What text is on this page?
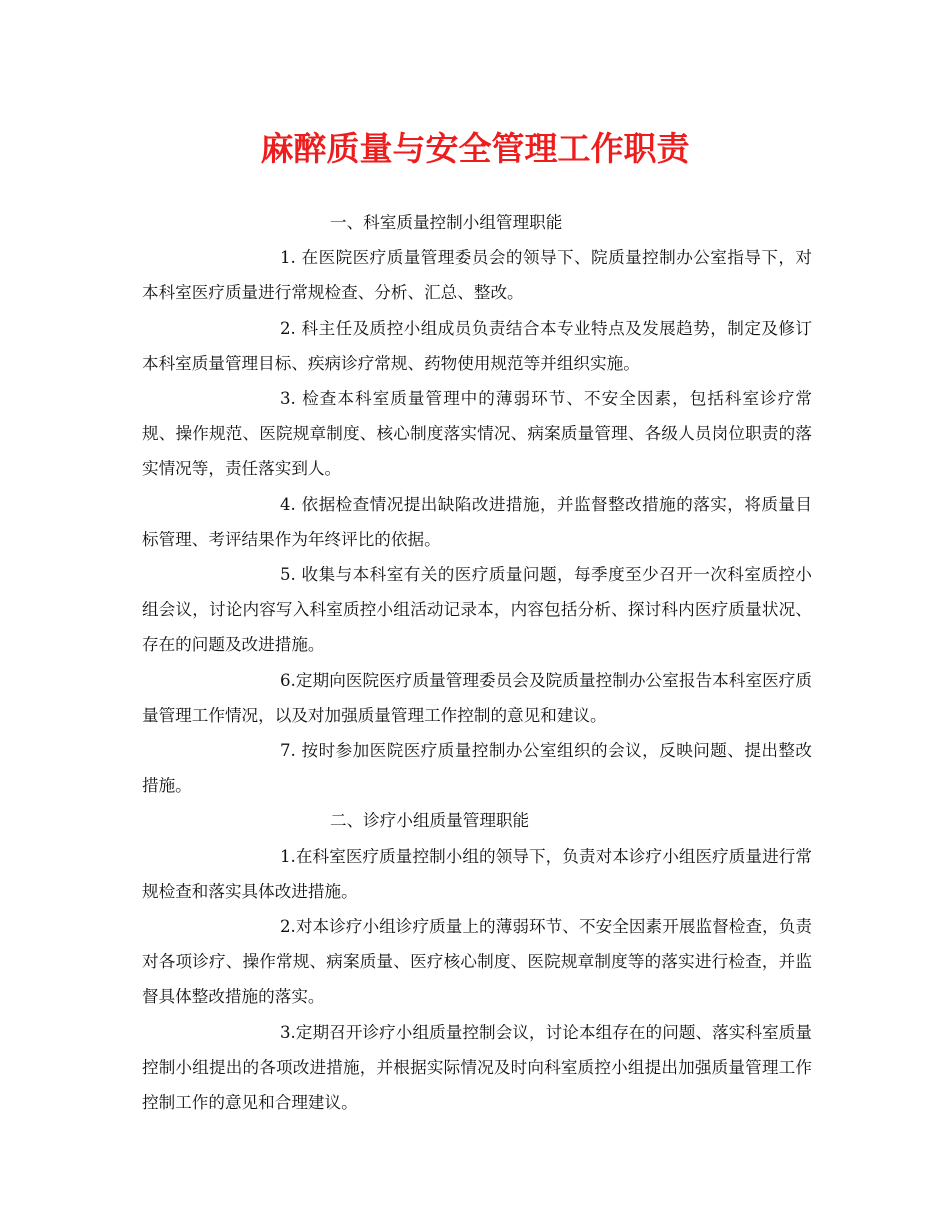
麻醉质量与安全管理工作职责

一、科室质量控制小组管理职能

1. 在医院医疗质量管理委员会的领导下、院质量控制办公室指导下，对本科室医疗质量进行常规检查、分析、汇总、整改。

2. 科主任及质控小组成员负责结合本专业特点及发展趋势，制定及修订本科室质量管理目标、疾病诊疗常规、药物使用规范等并组织实施。

3. 检查本科室质量管理中的薄弱环节、不安全因素，包括科室诊疗常规、操作规范、医院规章制度、核心制度落实情况、病案质量管理、各级人员岗位职责的落实情况等，责任落实到人。

4. 依据检查情况提出缺陷改进措施，并监督整改措施的落实，将质量目标管理、考评结果作为年终评比的依据。

5. 收集与本科室有关的医疗质量问题，每季度至少召开一次科室质控小组会议，讨论内容写入科室质控小组活动记录本，内容包括分析、探讨科内医疗质量状况、存在的问题及改进措施。

6.定期向医院医疗质量管理委员会及院质量控制办公室报告本科室医疗质量管理工作情况，以及对加强质量管理工作控制的意见和建议。

7. 按时参加医院医疗质量控制办公室组织的会议，反映问题、提出整改措施。

二、诊疗小组质量管理职能

1.在科室医疗质量控制小组的领导下，负责对本诊疗小组医疗质量进行常规检查和落实具体改进措施。

2.对本诊疗小组诊疗质量上的薄弱环节、不安全因素开展监督检查，负责对各项诊疗、操作常规、病案质量、医疗核心制度、医院规章制度等的落实进行检查，并监督具体整改措施的落实。

3.定期召开诊疗小组质量控制会议，讨论本组存在的问题、落实科室质量控制小组提出的各项改进措施，并根据实际情况及时向科室质控小组提出加强质量管理工作控制工作的意见和合理建议。
